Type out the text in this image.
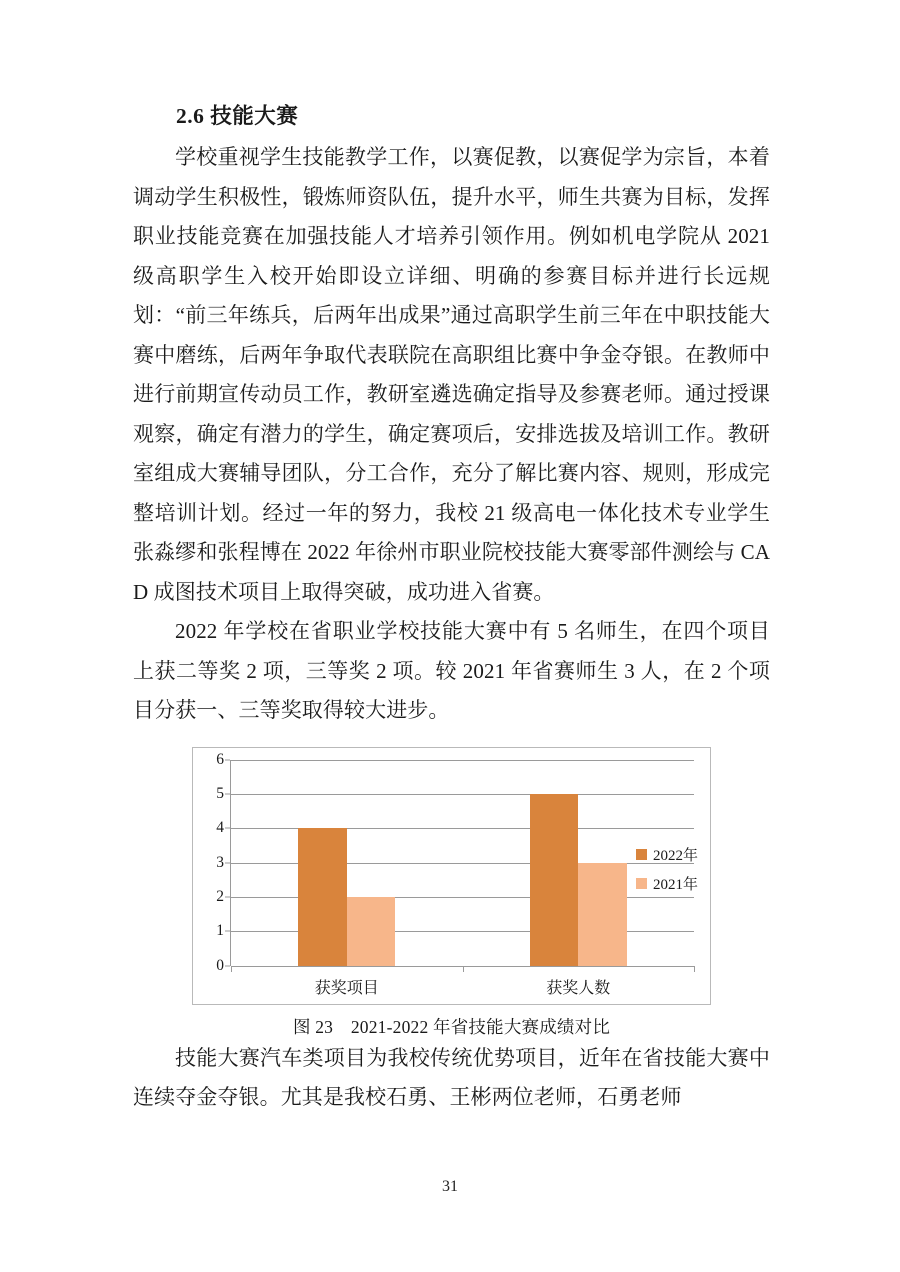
2.6 技能大赛

学校重视学生技能教学工作，以赛促教，以赛促学为宗旨，本着调动学生积极性，锻炼师资队伍，提升水平，师生共赛为目标，发挥职业技能竞赛在加强技能人才培养引领作用。例如机电学院从 2021 级高职学生入校开始即设立详细、明确的参赛目标并进行长远规划：“前三年练兵，后两年出成果”通过高职学生前三年在中职技能大赛中磨练，后两年争取代表联院在高职组比赛中争金夺银。在教师中进行前期宣传动员工作，教研室遴选确定指导及参赛老师。通过授课观察，确定有潜力的学生，确定赛项后，安排选拔及培训工作。教研室组成大赛辅导团队，分工合作，充分了解比赛内容、规则，形成完整培训计划。经过一年的努力，我校 21 级高电一体化技术专业学生张淼缪和张程博在 2022 年徐州市职业院校技能大赛零部件测绘与 CAD 成图技术项目上取得突破，成功进入省赛。

2022 年学校在省职业学校技能大赛中有 5 名师生，在四个项目上获二等奖 2 项，三等奖 2 项。较 2021 年省赛师生 3 人，在 2 个项目分获一、三等奖取得较大进步。

0
1
2
3
4
5
6
获奖项目	获奖人数
2022年
2021年
图 23　2021-2022 年省技能大赛成绩对比

技能大赛汽车类项目为我校传统优势项目，近年在省技能大赛中连续夺金夺银。尤其是我校石勇、王彬两位老师，石勇老师

31
